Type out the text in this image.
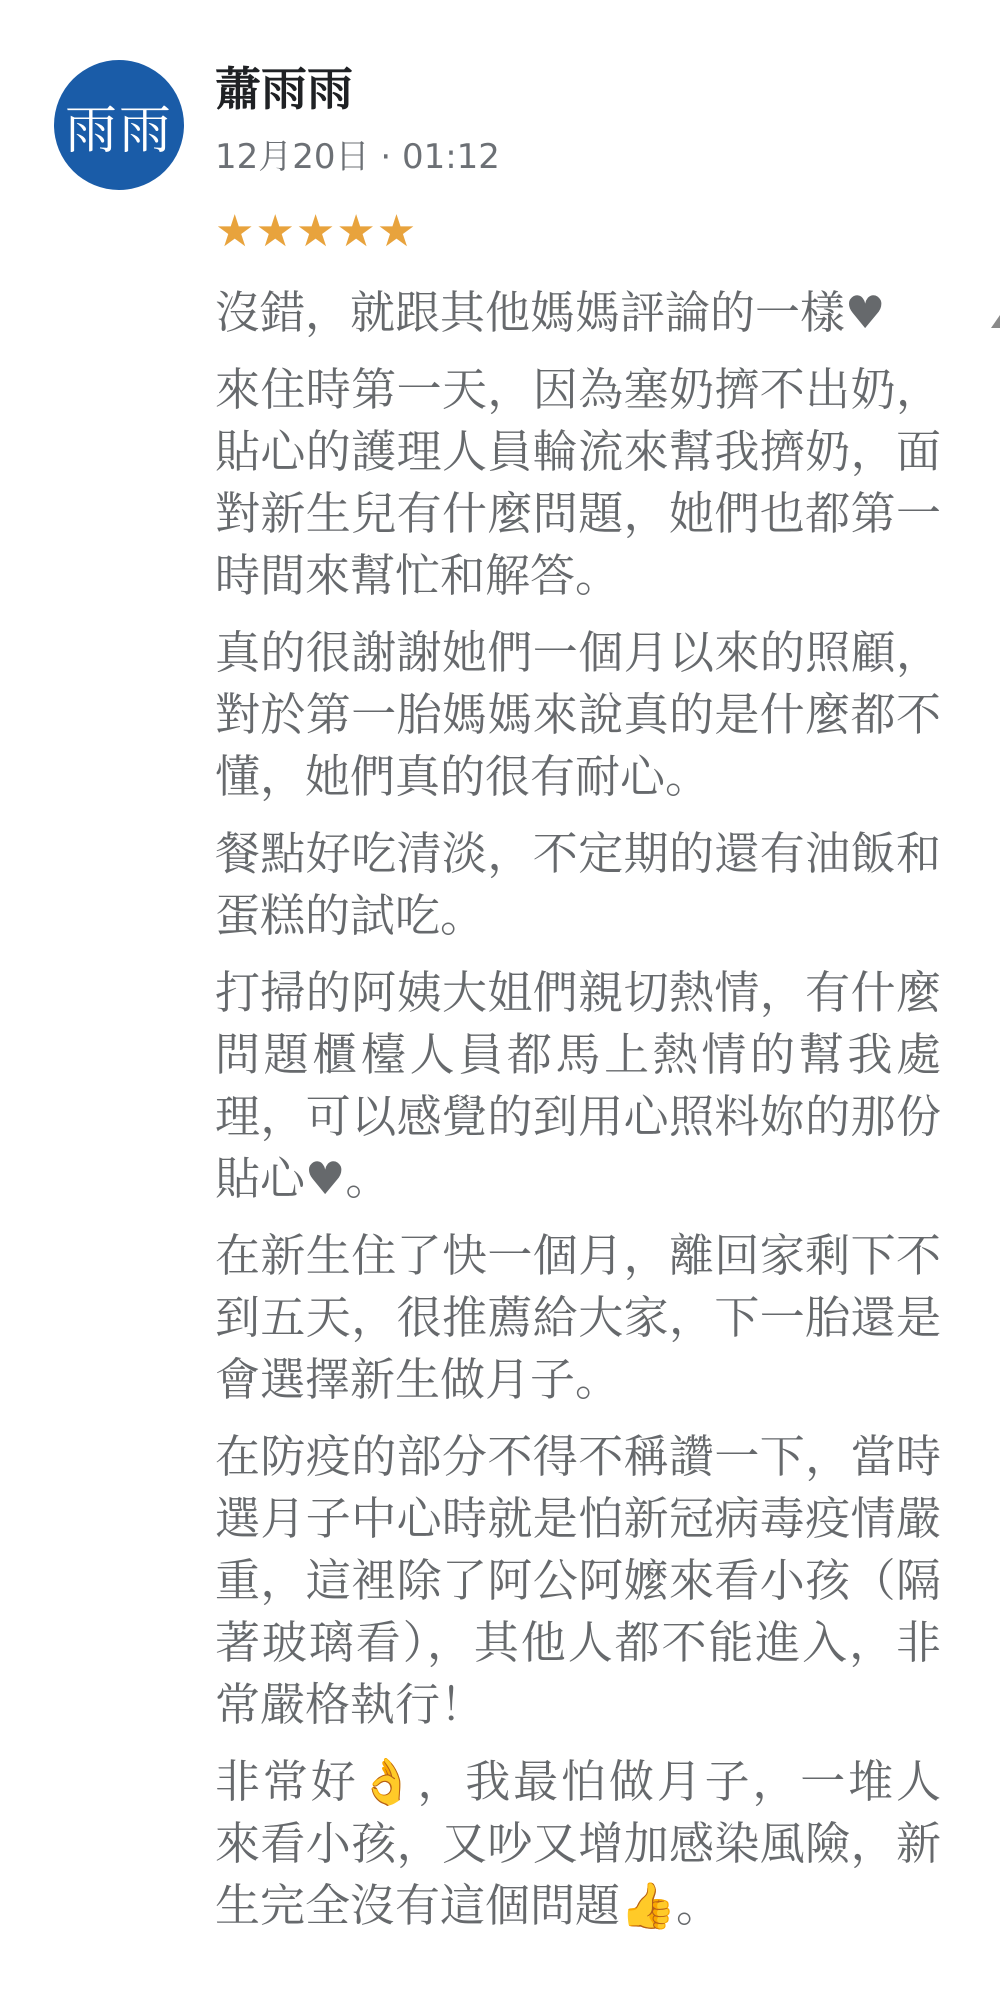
雨雨
蕭雨雨
12月20日 · 01:12
★★★★★

沒錯，就跟其他媽媽評論的一樣♥

來住時第一天，因為塞奶擠不出奶，貼心的護理人員輪流來幫我擠奶，面對新生兒有什麼問題，她們也都第一時間來幫忙和解答。

真的很謝謝她們一個月以來的照顧，對於第一胎媽媽來說真的是什麼都不懂，她們真的很有耐心。

餐點好吃清淡，不定期的還有油飯和蛋糕的試吃。

打掃的阿姨大姐們親切熱情，有什麼問題櫃檯人員都馬上熱情的幫我處理，可以感覺的到用心照料妳的那份貼心♥。

在新生住了快一個月，離回家剩下不到五天，很推薦給大家，下一胎還是會選擇新生做月子。

在防疫的部分不得不稱讚一下，當時選月子中心時就是怕新冠病毒疫情嚴重，這裡除了阿公阿嬤來看小孩（隔著玻璃看），其他人都不能進入，非常嚴格執行！

非常好👌，我最怕做月子，一堆人來看小孩，又吵又增加感染風險，新生完全沒有這個問題👍。
